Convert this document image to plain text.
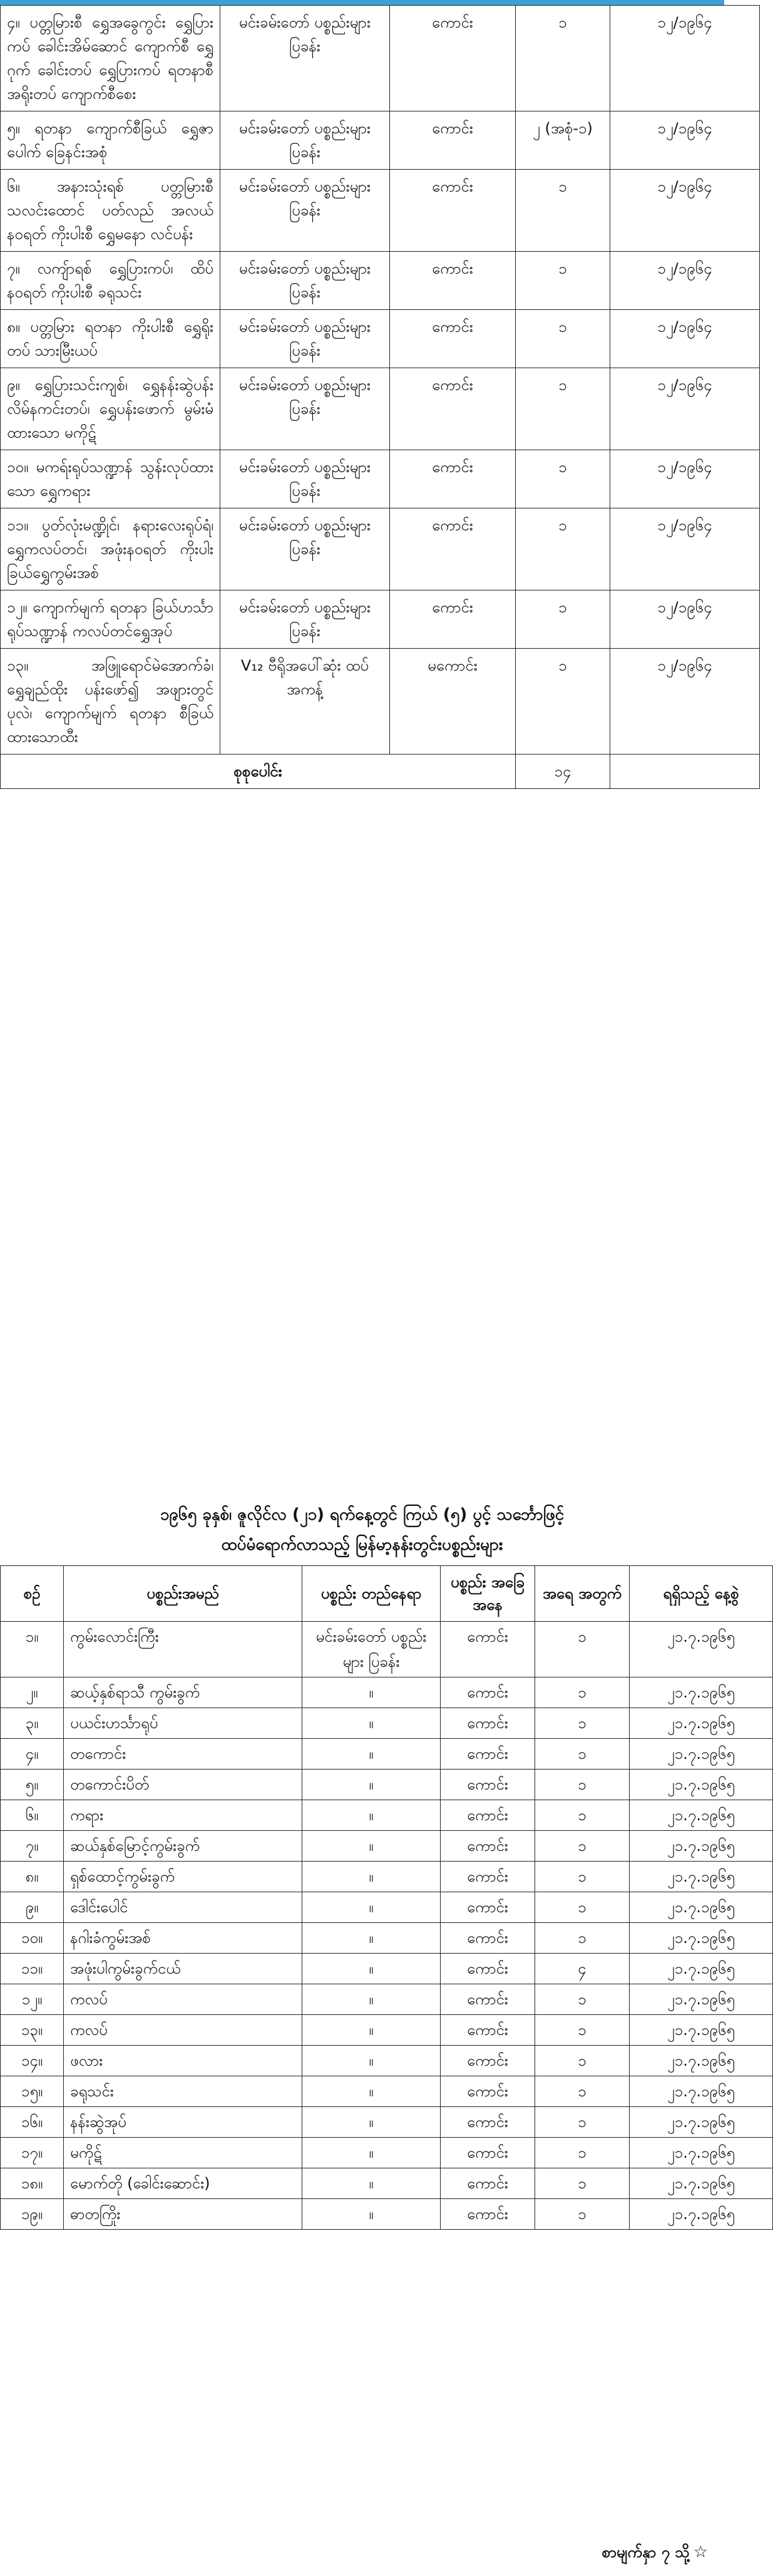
၄။ ပတ္တမြားစီ ရွှေအခွေကွင်း ရွှေပြားကပ် ခေါင်းအိမ်ဆောင် ကျောက်စီ ရွှေဂုက် ခေါင်းတပ် ရွှေပြားကပ် ရတနာစီ အရိုးတပ် ကျောက်စီစေး	မင်းခမ်းတော် ပစ္စည်းများပြခန်း	ကောင်း	၁	၁၂/၁၉၆၄
၅။ ရတနာ ကျောက်စီခြယ် ရွှေဇာပေါက် ခြေနင်းအစုံ	မင်းခမ်းတော် ပစ္စည်းများပြခန်း	ကောင်း	၂ (အစုံ-၁)	၁၂/၁၉၆၄
၆။ အနားသုံးရစ် ပတ္တမြားစီ သလင်းထောင် ပတ်လည် အလယ်နဝရတ် ကိုးပါးစီ ရွှေမနော လင်ပန်း	မင်းခမ်းတော် ပစ္စည်းများပြခန်း	ကောင်း	၁	၁၂/၁၉၆၄
၇။ လကျ်ာရစ် ရွှေပြားကပ်၊ ထိပ်နဝရတ် ကိုးပါးစီ ခရုသင်း	မင်းခမ်းတော် ပစ္စည်းများပြခန်း	ကောင်း	၁	၁၂/၁၉၆၄
၈။ ပတ္တမြား ရတနာ ကိုးပါးစီ ရွှေရိုးတပ် သားမြီးယပ်	မင်းခမ်းတော် ပစ္စည်းများပြခန်း	ကောင်း	၁	၁၂/၁၉၆၄
၉။ ရွှေပြားသင်းကျစ်၊ ရွှေနန်းဆွဲပန်းလိမ်နကင်းတပ်၊ ရွှေပန်းဖောက် မွမ်းမံထားသော မကိုဋ်	မင်းခမ်းတော် ပစ္စည်းများပြခန်း	ကောင်း	၁	၁၂/၁၉၆၄
၁၀။ မကရ်းရုပ်သဏ္ဍာန် သွန်းလုပ်ထားသော ရွှေကရား	မင်းခမ်းတော် ပစ္စည်းများပြခန်း	ကောင်း	၁	၁၂/၁၉၆၄
၁၁။ ပွတ်လုံးမဏ္ဍိုင်၊ နရားလေးရုပ်ရံ၊ ရွှေကလပ်တင်၊ အဖုံးနဝရတ် ကိုးပါးခြယ်ရွှေကွမ်းအစ်	မင်းခမ်းတော် ပစ္စည်းများပြခန်း	ကောင်း	၁	၁၂/၁၉၆၄
၁၂။ ကျောက်မျက် ရတနာ ခြယ်ဟင်္သာရုပ်သဏ္ဍာန် ကလပ်တင်ရွှေအုပ်	မင်းခမ်းတော် ပစ္စည်းများပြခန်း	ကောင်း	၁	၁၂/၁၉၆၄
၁၃။ အဖြူရောင်မဲအောက်ခံ၊ ရွှေချည်ထိုး ပန်းဖော်၍ အဖျားတွင် ပုလဲ၊ ကျောက်မျက် ရတနာ စီခြယ်ထားသောထီး	V₁₂ ဗီရိုအပေါ်ဆုံး ထပ်အကန့်	မကောင်း	၁	၁၂/၁၉၆၄
စုစုပေါင်း			၁၄	
၁၉၆၅ ခုနှစ်၊ ဇူလိုင်လ (၂၁) ရက်နေ့တွင် ကြယ် (၅) ပွင့် သင်္ဘောဖြင့်
ထပ်မံရောက်လာသည့် မြန်မာ့နန်းတွင်းပစ္စည်းများ
စဉ်	ပစ္စည်းအမည်	ပစ္စည်း တည်နေရာ	ပစ္စည်း အခြေ အနေ	အရေ အတွက်	ရရှိသည့် နေ့စွဲ
၁။	ကွမ်းလောင်းကြီး	မင်းခမ်းတော် ပစ္စည်းများ ပြခန်း	ကောင်း	၁	၂၁.၇.၁၉၆၅
၂။	ဆယ့်နှစ်ရာသီ ကွမ်းခွက်	။	ကောင်း	၁	၂၁.၇.၁၉၆၅
၃။	ပယင်းဟင်္သာရုပ်	။	ကောင်း	၁	၂၁.၇.၁၉၆၅
၄။	တကောင်း	။	ကောင်း	၁	၂၁.၇.၁၉၆၅
၅။	တကောင်းပိတ်	။	ကောင်း	၁	၂၁.၇.၁၉၆၅
၆။	ကရား	။	ကောင်း	၁	၂၁.၇.၁၉၆၅
၇။	ဆယ်နှစ်မြောင့်ကွမ်းခွက်	။	ကောင်း	၁	၂၁.၇.၁၉၆၅
၈။	ရှစ်ထောင့်ကွမ်းခွက်	။	ကောင်း	၁	၂၁.၇.၁၉၆၅
၉။	ဒေါင်းပေါင်	။	ကောင်း	၁	၂၁.၇.၁၉၆၅
၁၀။	နဂါးခံကွမ်းအစ်	။	ကောင်း	၁	၂၁.၇.၁၉၆၅
၁၁။	အဖုံးပါကွမ်းခွက်ငယ်	။	ကောင်း	၄	၂၁.၇.၁၉၆၅
၁၂။	ကလပ်	။	ကောင်း	၁	၂၁.၇.၁၉၆၅
၁၃။	ကလပ်	။	ကောင်း	၁	၂၁.၇.၁၉၆၅
၁၄။	ဖလား	။	ကောင်း	၁	၂၁.၇.၁၉၆၅
၁၅။	ခရုသင်း	။	ကောင်း	၁	၂၁.၇.၁၉၆၅
၁၆။	နန်းဆွဲအုပ်	။	ကောင်း	၁	၂၁.၇.၁၉၆၅
၁၇။	မကိုဋ်	။	ကောင်း	၁	၂၁.၇.၁၉၆၅
၁၈။	မောက်တို (ခေါင်းဆောင်း)	။	ကောင်း	၁	၂၁.၇.၁၉၆၅
၁၉။	ဓာတကြိုး	။	ကောင်း	၁	၂၁.၇.၁၉၆၅
စာမျက်နှာ ၇ သို့ ☆
